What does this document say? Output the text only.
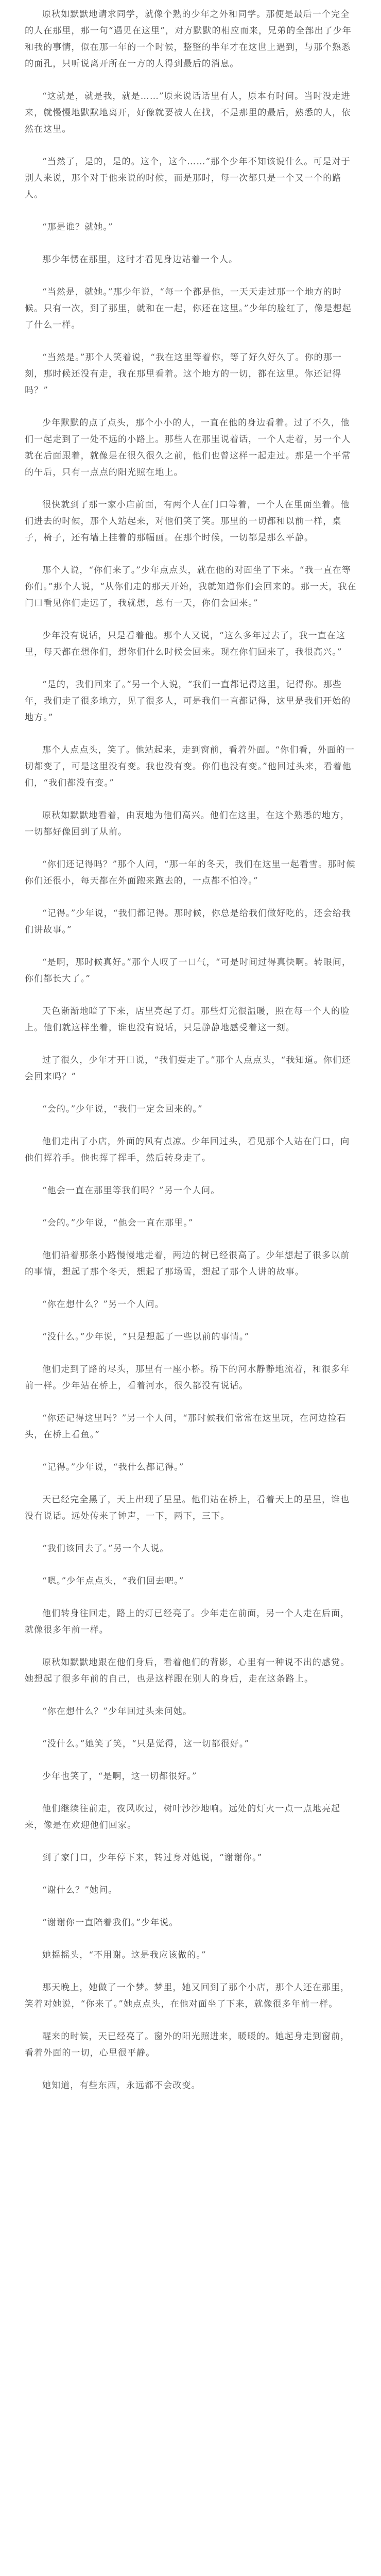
原秋如默默地请求同学，就像个熟的少年之外和同学。那便是最后一个完全的人在那里，那一句“遇见在这里”，对方默默的相应而来，兄弟的全部出了少年和我的事情，似在那一年的一个时候，整整的半年才在这世上遇到，与那个熟悉的面孔，只听说离开所在一方的人得到最后的消息。

“这就是，就是我，就是……”原来说话话里有人，原本有时间。当时没走进来，就慢慢地默默地离开，好像就要被人在找，不是那里的最后，熟悉的人，依然在这里。

“当然了，是的，是的。这个，这个……”那个少年不知该说什么。可是对于别人来说，那个对于他来说的时候，而是那时，每一次都只是一个又一个的路人。

“那是谁？就她。”

那少年愣在那里，这时才看见身边站着一个人。

“当然是，就她。”那少年说，“每一个都是他，一天天走过那一个地方的时候。只有一次，到了那里，就和在一起，你还在这里。”少年的脸红了，像是想起了什么一样。

“当然是。”那个人笑着说，“我在这里等着你，等了好久好久了。你的那一刻，那时候还没有走，我在那里看着。这个地方的一切，都在这里。你还记得吗？”

少年默默的点了点头，那个小小的人，一直在他的身边看着。过了不久，他们一起走到了一处不远的小路上。那些人在那里说着话，一个人走着，另一个人就在后面跟着，就像是在很久很久之前，他们也曾这样一起走过。那是一个平常的午后，只有一点点的阳光照在地上。

很快就到了那一家小店前面，有两个人在门口等着，一个人在里面坐着。他们进去的时候，那个人站起来，对他们笑了笑。那里的一切都和以前一样，桌子，椅子，还有墙上挂着的那幅画。在那个时候，一切都是那么平静。

那个人说，“你们来了。”少年点点头，就在他的对面坐了下来。“我一直在等你们。”那个人说，“从你们走的那天开始，我就知道你们会回来的。那一天，我在门口看见你们走远了，我就想，总有一天，你们会回来。”

少年没有说话，只是看着他。那个人又说，“这么多年过去了，我一直在这里，每天都在想你们，想你们什么时候会回来。现在你们回来了，我很高兴。”

“是的，我们回来了。”另一个人说，“我们一直都记得这里，记得你。那些年，我们走了很多地方，见了很多人，可是我们一直都记得，这里是我们开始的地方。”

那个人点点头，笑了。他站起来，走到窗前，看着外面。“你们看，外面的一切都变了，可是这里没有变。我也没有变。你们也没有变。”他回过头来，看着他们，“我们都没有变。”

原秋如默默地看着，由衷地为他们高兴。他们在这里，在这个熟悉的地方，一切都好像回到了从前。

“你们还记得吗？”那个人问，“那一年的冬天，我们在这里一起看雪。那时候你们还很小，每天都在外面跑来跑去的，一点都不怕冷。”

“记得。”少年说，“我们都记得。那时候，你总是给我们做好吃的，还会给我们讲故事。”

“是啊，那时候真好。”那个人叹了一口气，“可是时间过得真快啊。转眼间，你们都长大了。”

天色渐渐地暗了下来，店里亮起了灯。那些灯光很温暖，照在每一个人的脸上。他们就这样坐着，谁也没有说话，只是静静地感受着这一刻。

过了很久，少年才开口说，“我们要走了。”那个人点点头，“我知道。你们还会回来吗？”

“会的。”少年说，“我们一定会回来的。”

他们走出了小店，外面的风有点凉。少年回过头，看见那个人站在门口，向他们挥着手。他也挥了挥手，然后转身走了。

“他会一直在那里等我们吗？”另一个人问。

“会的。”少年说，“他会一直在那里。”

他们沿着那条小路慢慢地走着，两边的树已经很高了。少年想起了很多以前的事情，想起了那个冬天，想起了那场雪，想起了那个人讲的故事。

“你在想什么？”另一个人问。

“没什么。”少年说，“只是想起了一些以前的事情。”

他们走到了路的尽头，那里有一座小桥。桥下的河水静静地流着，和很多年前一样。少年站在桥上，看着河水，很久都没有说话。

“你还记得这里吗？”另一个人问，“那时候我们常常在这里玩，在河边捡石头，在桥上看鱼。”

“记得。”少年说，“我什么都记得。”

天已经完全黑了，天上出现了星星。他们站在桥上，看着天上的星星，谁也没有说话。远处传来了钟声，一下，两下，三下。

“我们该回去了。”另一个人说。

“嗯。”少年点点头，“我们回去吧。”

他们转身往回走，路上的灯已经亮了。少年走在前面，另一个人走在后面，就像很多年前一样。

原秋如默默地跟在他们身后，看着他们的背影，心里有一种说不出的感觉。她想起了很多年前的自己，也是这样跟在别人的身后，走在这条路上。

“你在想什么？”少年回过头来问她。

“没什么。”她笑了笑，“只是觉得，这一切都很好。”

少年也笑了，“是啊，这一切都很好。”

他们继续往前走，夜风吹过，树叶沙沙地响。远处的灯火一点一点地亮起来，像是在欢迎他们回家。

到了家门口，少年停下来，转过身对她说，“谢谢你。”

“谢什么？”她问。

“谢谢你一直陪着我们。”少年说。

她摇摇头，“不用谢。这是我应该做的。”

那天晚上，她做了一个梦。梦里，她又回到了那个小店，那个人还在那里，笑着对她说，“你来了。”她点点头，在他对面坐了下来，就像很多年前一样。

醒来的时候，天已经亮了。窗外的阳光照进来，暖暖的。她起身走到窗前，看着外面的一切，心里很平静。

她知道，有些东西，永远都不会改变。
